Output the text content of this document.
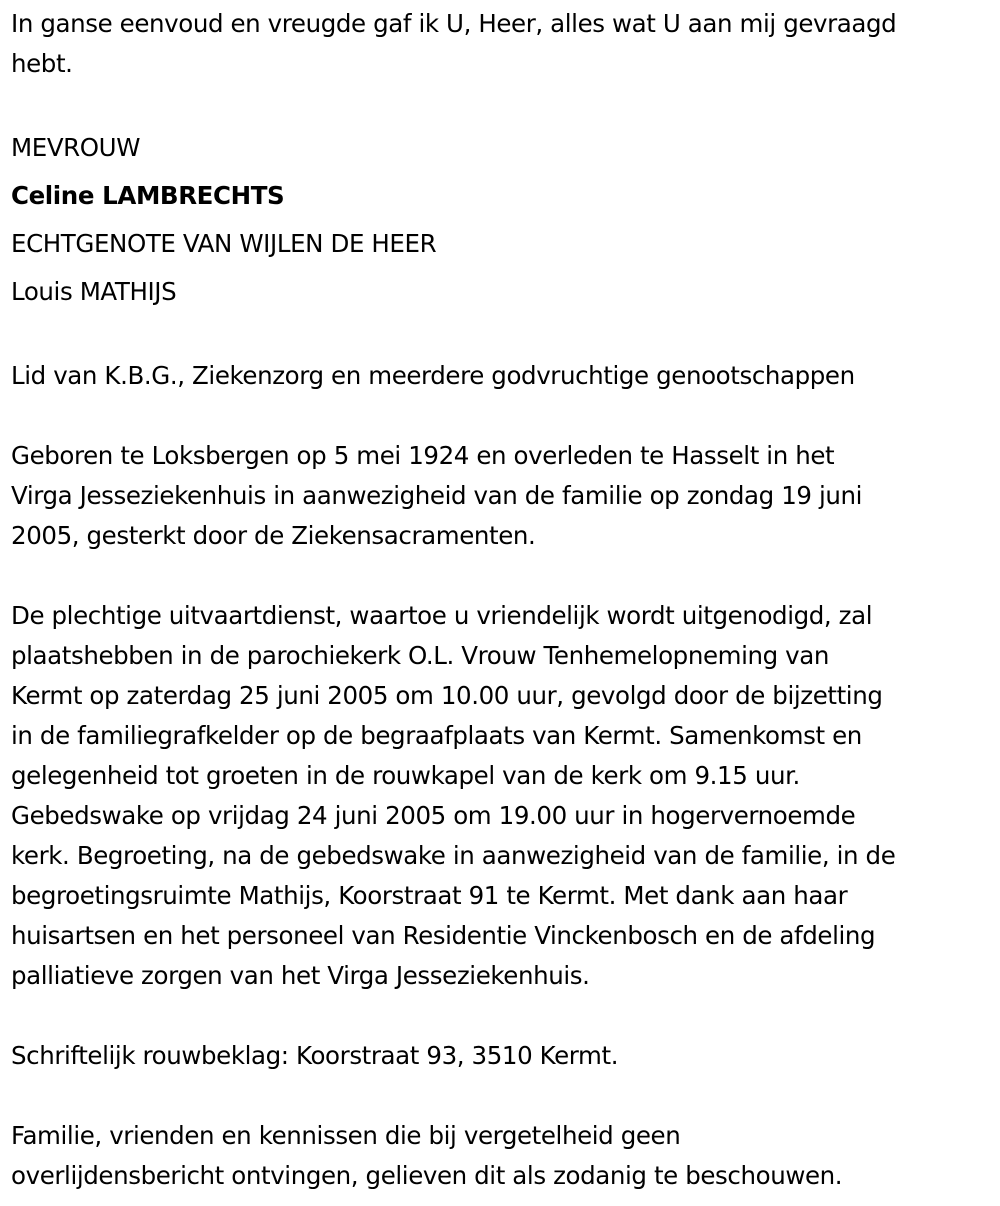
In ganse eenvoud en vreugde gaf ik U, Heer, alles wat U aan mij gevraagd
hebt.

MEVROUW
Celine LAMBRECHTS
ECHTGENOTE VAN WIJLEN DE HEER
Louis MATHIJS

Lid van K.B.G., Ziekenzorg en meerdere godvruchtige genootschappen

Geboren te Loksbergen op 5 mei 1924 en overleden te Hasselt in het
Virga Jesseziekenhuis in aanwezigheid van de familie op zondag 19 juni
2005, gesterkt door de Ziekensacramenten.

De plechtige uitvaartdienst, waartoe u vriendelijk wordt uitgenodigd, zal
plaatshebben in de parochiekerk O.L. Vrouw Tenhemelopneming van
Kermt op zaterdag 25 juni 2005 om 10.00 uur, gevolgd door de bijzetting
in de familiegrafkelder op de begraafplaats van Kermt. Samenkomst en
gelegenheid tot groeten in de rouwkapel van de kerk om 9.15 uur.
Gebedswake op vrijdag 24 juni 2005 om 19.00 uur in hogervernoemde
kerk. Begroeting, na de gebedswake in aanwezigheid van de familie, in de
begroetingsruimte Mathijs, Koorstraat 91 te Kermt. Met dank aan haar
huisartsen en het personeel van Residentie Vinckenbosch en de afdeling
palliatieve zorgen van het Virga Jesseziekenhuis.

Schriftelijk rouwbeklag: Koorstraat 93, 3510 Kermt.

Familie, vrienden en kennissen die bij vergetelheid geen
overlijdensbericht ontvingen, gelieven dit als zodanig te beschouwen.
